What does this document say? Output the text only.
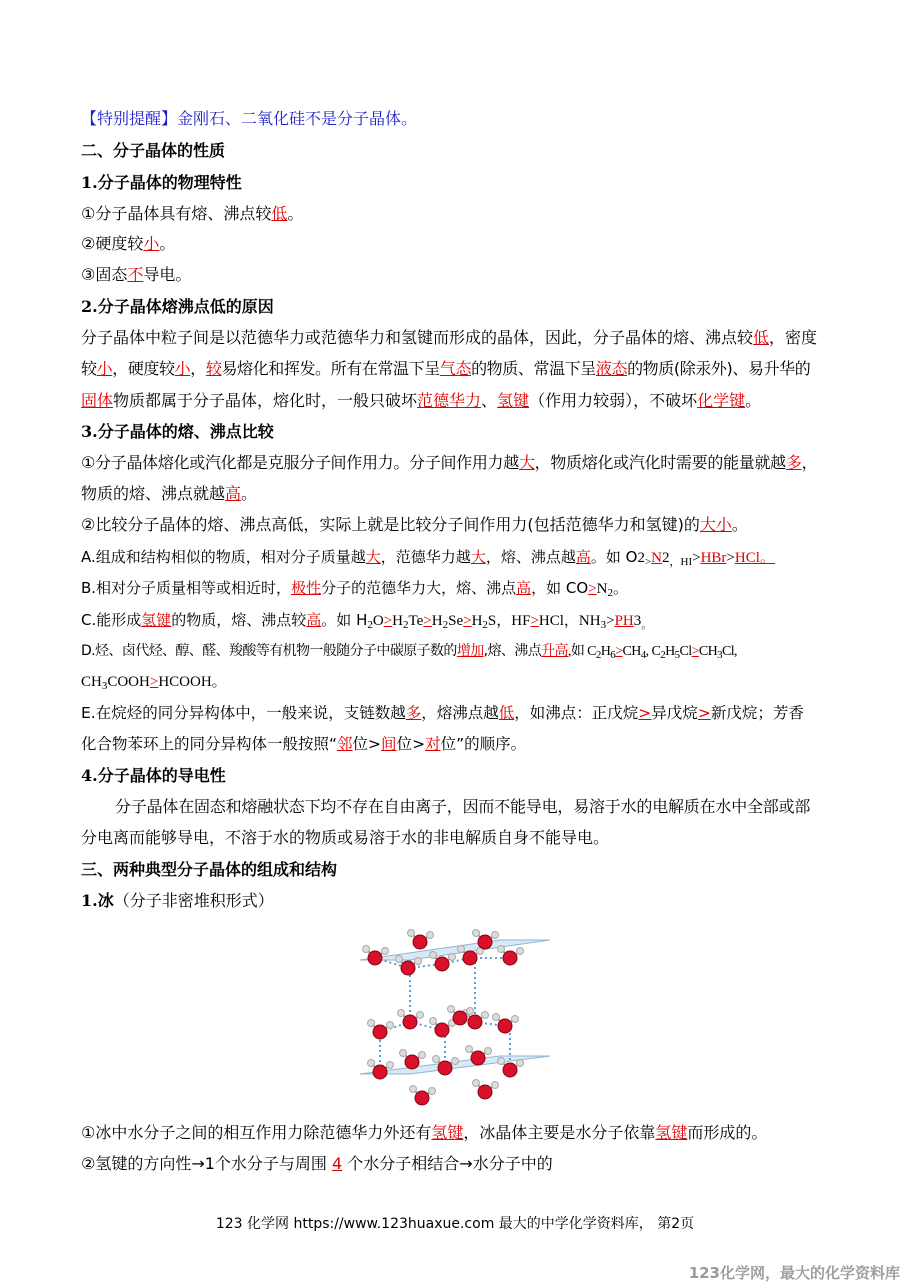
【特别提醒】金刚石、二氧化硅不是分子晶体。
二、分子晶体的性质
1.分子晶体的物理特性
①分子晶体具有熔、沸点较低。
②硬度较小。
③固态不导电。
2.分子晶体熔沸点低的原因
分子晶体中粒子间是以范德华力或范德华力和氢键而形成的晶体，因此，分子晶体的熔、沸点较低，密度
较小，硬度较小，较易熔化和挥发。所有在常温下呈气态的物质、常温下呈液态的物质(除汞外)、易升华的
固体物质都属于分子晶体，熔化时，一般只破坏范德华力、氢键（作用力较弱），不破坏化学键。
3.分子晶体的熔、沸点比较
①分子晶体熔化或汽化都是克服分子间作用力。分子间作用力越大，物质熔化或汽化时需要的能量就越多，
物质的熔、沸点就越高。
②比较分子晶体的熔、沸点高低，实际上就是比较分子间作用力(包括范德华力和氢键)的大小。
A.组成和结构相似的物质，相对分子质量越大，范德华力越大，熔、沸点越高。如 $O2_>N2_{,HI}>HBr>HCl$。
B.相对分子质量相等或相近时，极性分子的范德华力大，熔、沸点高，如 $CO>N_2$。
C.能形成氢键的物质，熔、沸点较高。如 $H_2O>H_2Te>H_2Se>H_2S$，HF>HCl，$NH_3>PH3_。$
D.烃、卤代烃、醇、醛、羧酸等有机物一般随分子中碳原子数的增加,熔、沸点升高,如 $C_2H_6>CH_4$, $C_2H_5Cl>CH_3Cl$,
$CH_3COOH>HCOOH$。
E.在烷烃的同分异构体中，一般来说，支链数越多，熔沸点越低，如沸点：正戊烷>异戊烷>新戊烷；芳香
化合物苯环上的同分异构体一般按照“邻位>间位>对位”的顺序。
4.分子晶体的导电性
分子晶体在固态和熔融状态下均不存在自由离子，因而不能导电，易溶于水的电解质在水中全部或部
分电离而能够导电，不溶于水的物质或易溶于水的非电解质自身不能导电。
三、两种典型分子晶体的组成和结构
1.冰（分子非密堆积形式）
①冰中水分子之间的相互作用力除范德华力外还有氢键，冰晶体主要是水分子依靠氢键而形成的。
②氢键的方向性→1个水分子与周围 4 个水分子相结合→水分子中的
123 化学网 https://www.123huaxue.com 最大的中学化学资料库， 第2页
123化学网，最大的化学资料库
